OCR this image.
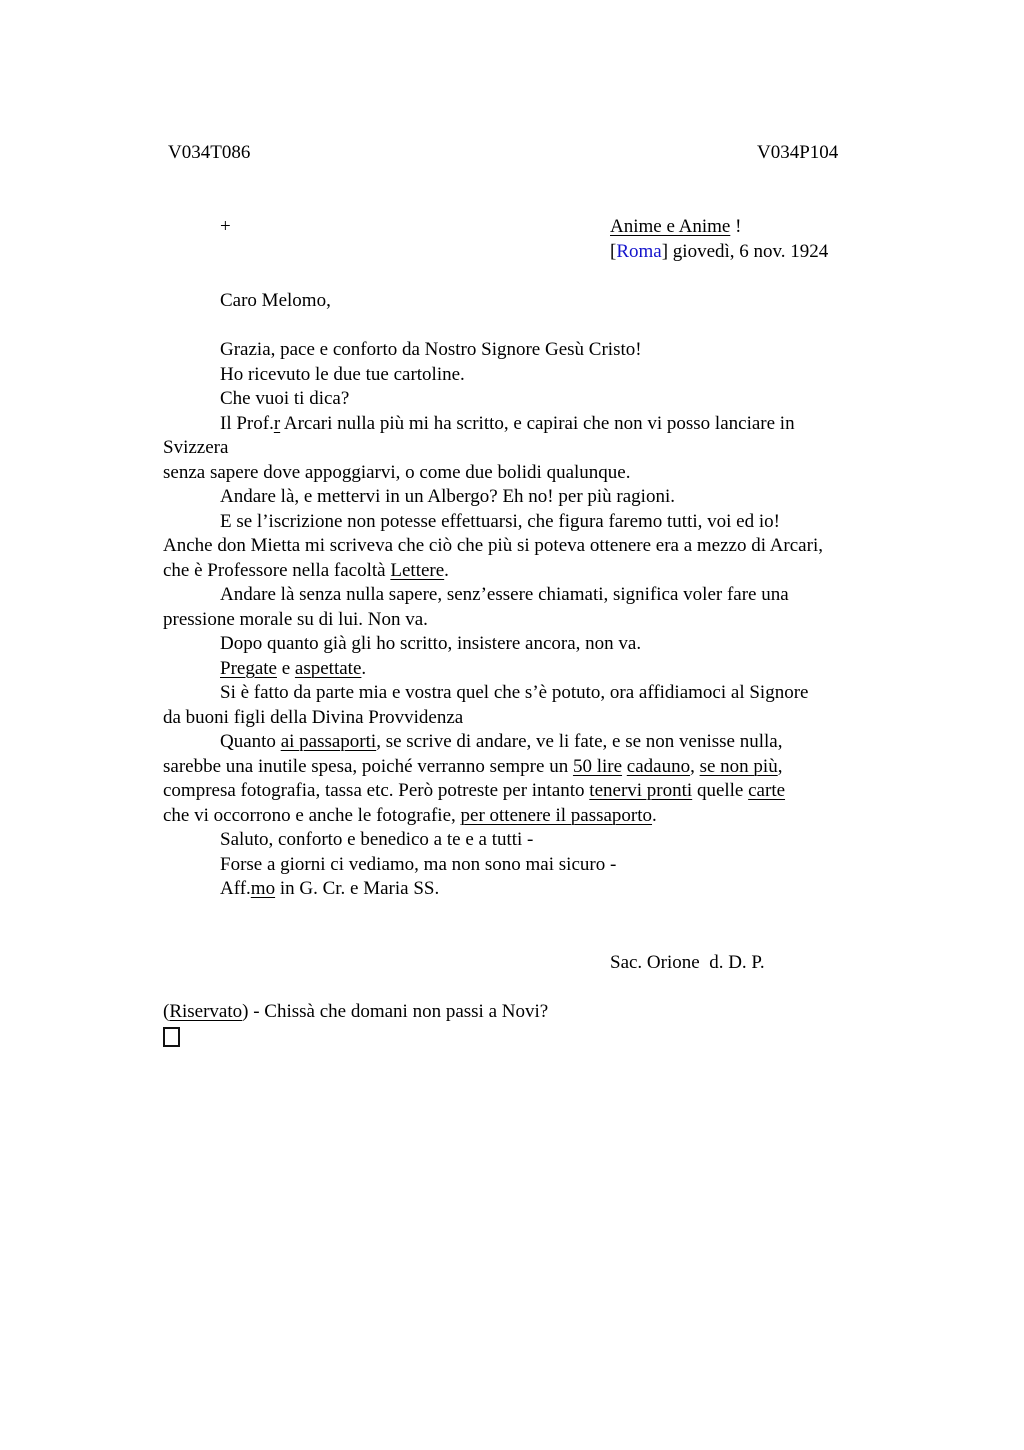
V034T086	V034P104
+	Anime e Anime !
[Roma] giovedì, 6 nov. 1924
Caro Melomo,
Grazia, pace e conforto da Nostro Signore Gesù Cristo!
Ho ricevuto le due tue cartoline.
Che vuoi ti dica?
Il Prof.r Arcari nulla più mi ha scritto, e capirai che non vi posso lanciare in
Svizzera
senza sapere dove appoggiarvi, o come due bolidi qualunque.
Andare là, e mettervi in un Albergo? Eh no! per più ragioni.
E se l’iscrizione non potesse effettuarsi, che figura faremo tutti, voi ed io!
Anche don Mietta mi scriveva che ciò che più si poteva ottenere era a mezzo di Arcari,
che è Professore nella facoltà Lettere.
Andare là senza nulla sapere, senz’essere chiamati, significa voler fare una
pressione morale su di lui. Non va.
Dopo quanto già gli ho scritto, insistere ancora, non va.
Pregate e aspettate.
Si è fatto da parte mia e vostra quel che s’è potuto, ora affidiamoci al Signore
da buoni figli della Divina Provvidenza
Quanto ai passaporti, se scrive di andare, ve li fate, e se non venisse nulla,
sarebbe una inutile spesa, poiché verranno sempre un 50 lire cadauno, se non più,
compresa fotografia, tassa etc. Però potreste per intanto tenervi pronti quelle carte
che vi occorrono e anche le fotografie, per ottenere il passaporto.
Saluto, conforto e benedico a te e a tutti -
Forse a giorni ci vediamo, ma non sono mai sicuro -
Aff.mo in G. Cr. e Maria SS.
Sac. Orione  d. D. P.
(Riservato) - Chissà che domani non passi a Novi?
